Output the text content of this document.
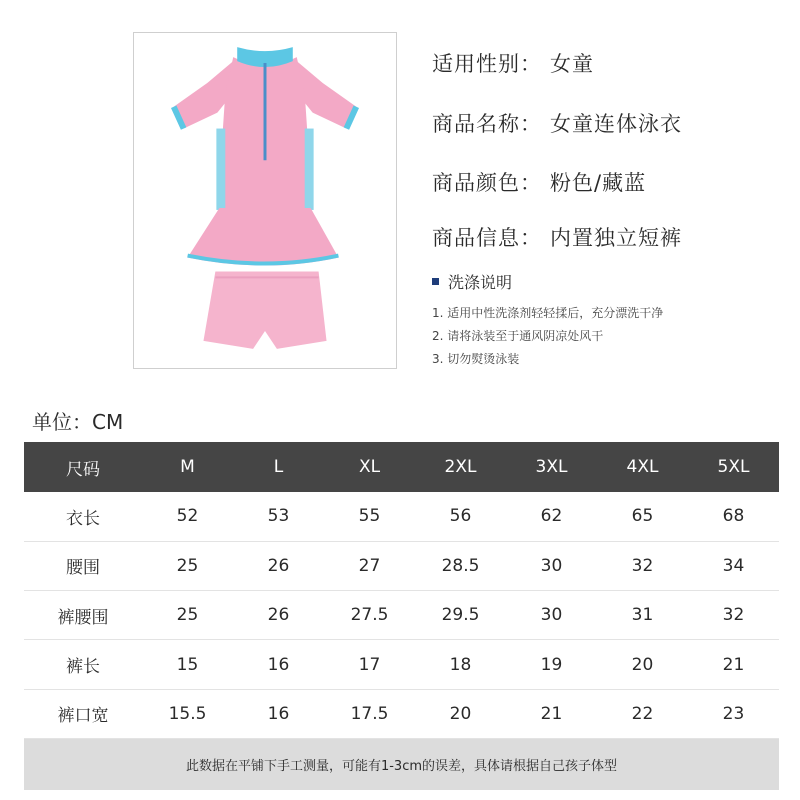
适用性别： 女童
商品名称： 女童连体泳衣
商品颜色： 粉色/藏蓝
商品信息： 内置独立短裤
洗涤说明
1. 适用中性洗涤剂轻轻揉后，充分漂洗干净
2. 请将泳装至于通风阴凉处风干
3. 切勿熨烫泳装
单位：CM
尺码	M	L	XL	2XL	3XL	4XL	5XL
衣长	52	53	55	56	62	65	68
腰围	25	26	27	28.5	30	32	34
裤腰围	25	26	27.5	29.5	30	31	32
裤长	15	16	17	18	19	20	21
裤口宽	15.5	16	17.5	20	21	22	23
此数据在平铺下手工测量，可能有1-3cm的误差，具体请根据自己孩子体型							
